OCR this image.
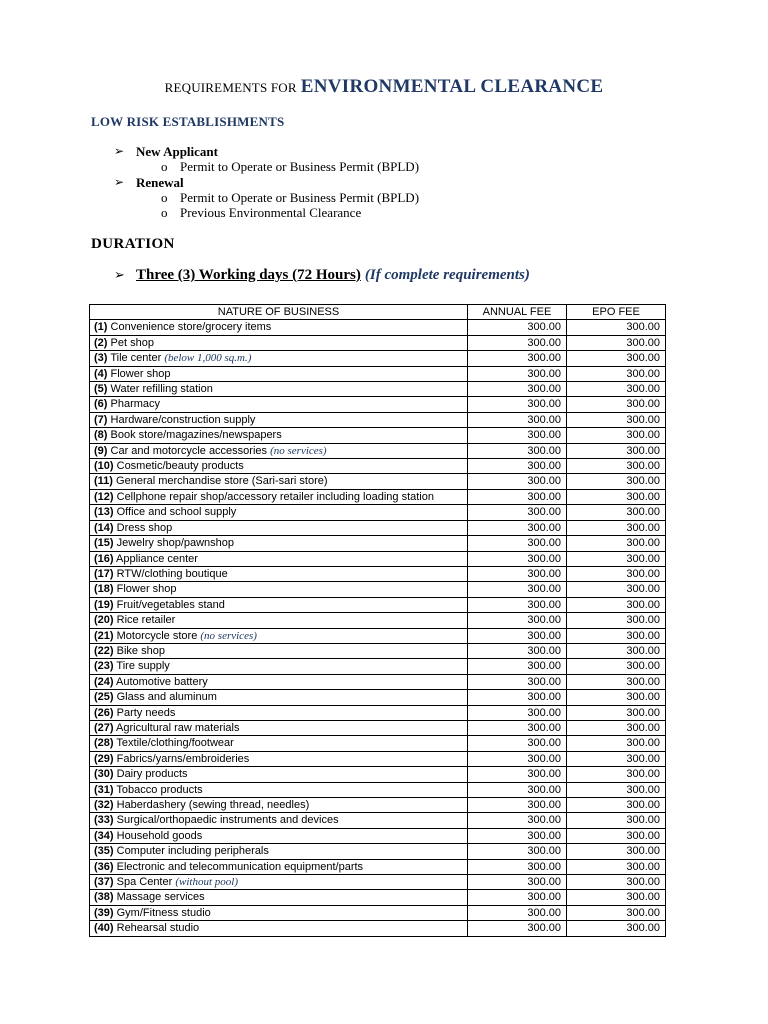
REQUIREMENTS FOR ENVIRONMENTAL CLEARANCE
LOW RISK ESTABLISHMENTS
➢ New Applicant
o Permit to Operate or Business Permit (BPLD)
➢ Renewal
o Permit to Operate or Business Permit (BPLD)
o Previous Environmental Clearance
DURATION
➢ Three (3) Working days (72 Hours) (If complete requirements)
NATURE OF BUSINESS	ANNUAL FEE	EPO FEE
(1) Convenience store/grocery items	300.00	300.00
(2) Pet shop	300.00	300.00
(3) Tile center (below 1,000 sq.m.)	300.00	300.00
(4) Flower shop	300.00	300.00
(5) Water refilling station	300.00	300.00
(6) Pharmacy	300.00	300.00
(7) Hardware/construction supply	300.00	300.00
(8) Book store/magazines/newspapers	300.00	300.00
(9) Car and motorcycle accessories (no services)	300.00	300.00
(10) Cosmetic/beauty products	300.00	300.00
(11) General merchandise store (Sari-sari store)	300.00	300.00
(12) Cellphone repair shop/accessory retailer including loading station	300.00	300.00
(13) Office and school supply	300.00	300.00
(14) Dress shop	300.00	300.00
(15) Jewelry shop/pawnshop	300.00	300.00
(16) Appliance center	300.00	300.00
(17) RTW/clothing boutique	300.00	300.00
(18) Flower shop	300.00	300.00
(19) Fruit/vegetables stand	300.00	300.00
(20) Rice retailer	300.00	300.00
(21) Motorcycle store (no services)	300.00	300.00
(22) Bike shop	300.00	300.00
(23) Tire supply	300.00	300.00
(24) Automotive battery	300.00	300.00
(25) Glass and aluminum	300.00	300.00
(26) Party needs	300.00	300.00
(27) Agricultural raw materials	300.00	300.00
(28) Textile/clothing/footwear	300.00	300.00
(29) Fabrics/yarns/embroideries	300.00	300.00
(30) Dairy products	300.00	300.00
(31) Tobacco products	300.00	300.00
(32) Haberdashery (sewing thread, needles)	300.00	300.00
(33) Surgical/orthopaedic instruments and devices	300.00	300.00
(34) Household goods	300.00	300.00
(35) Computer including peripherals	300.00	300.00
(36) Electronic and telecommunication equipment/parts	300.00	300.00
(37) Spa Center (without pool)	300.00	300.00
(38) Massage services	300.00	300.00
(39) Gym/Fitness studio	300.00	300.00
(40) Rehearsal studio	300.00	300.00
